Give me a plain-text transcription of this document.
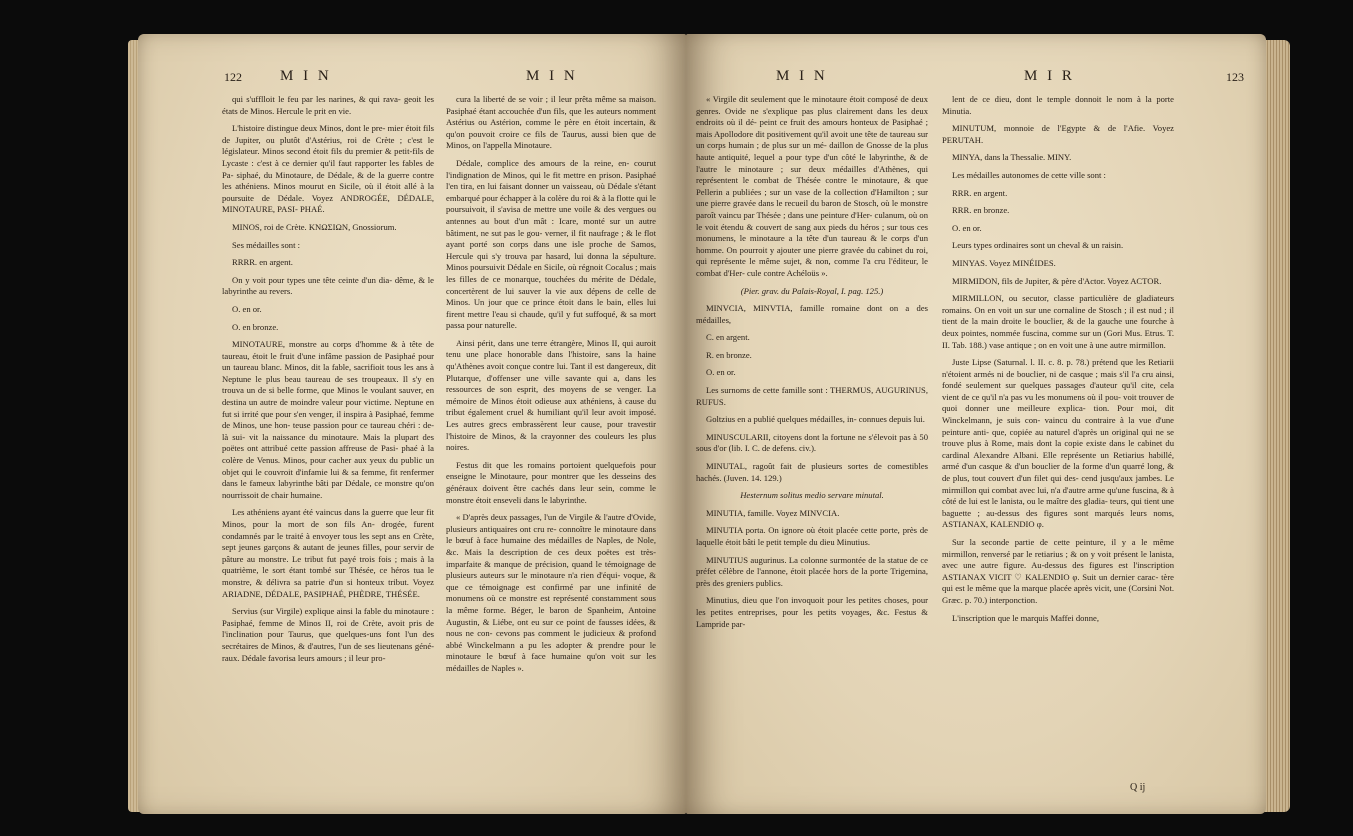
122	M I N	M I N

qui s'ufflloit le feu par les narines, & qui rava- geoit les états de Minos. Hercule le prit en vie.

L'histoire distingue deux Minos, dont le pre- mier étoit fils de Jupiter, ou plutôt d'Astérius, roi de Crète ; c'est le législateur. Minos second étoit fils du premier & petit-fils de Lycaste : c'est à ce dernier qu'il faut rapporter les fables de Pa- siphaé, du Minotaure, de Dédale, & de la guerre contre les athéniens. Minos mourut en Sicile, où il étoit allé à la poursuite de Dédale. Voyez ANDROGÉE, DÉDALE, MINOTAURE, PASI- PHAÉ.

MINOS, roi de Crète. ΚΝΩΣΙΩΝ, Gnossiorum.

Ses médailles sont :

RRRR. en argent.

On y voit pour types une tête ceinte d'un dia- dême, & le labyrinthe au revers.

O. en or.

O. en bronze.

MINOTAURE, monstre au corps d'homme & à tête de taureau, étoit le fruit d'une infâme passion de Pasiphaé pour un taureau blanc. Minos, dit la fable, sacrifioit tous les ans à Neptune le plus beau taureau de ses troupeaux. Il s'y en trouva un de si belle forme, que Minos le voulant sauver, en destina un autre de moindre valeur pour victime. Neptune en fut si irrité que pour s'en venger, il inspira à Pasiphaé, femme de Minos, une hon- teuse passion pour ce taureau chéri : de-là sui- vit la naissance du minotaure. Mais la plupart des poëtes ont attribué cette passion affreuse de Pasi- phaé à la colère de Venus. Minos, pour cacher aux yeux du public un objet qui le couvroit d'infamie lui & sa femme, fit renfermer dans le fameux labyrinthe bâti par Dédale, ce monstre qu'on nourrissoit de chair humaine.

Les athéniens ayant été vaincus dans la guerre que leur fit Minos, pour la mort de son fils An- drogée, furent condamnés par le traité à envoyer tous les sept ans en Crète, sept jeunes garçons & autant de jeunes filles, pour servir de pâture au monstre. Le tribut fut payé trois fois ; mais à la quatrième, le sort étant tombé sur Thésée, ce héros tua le monstre, & délivra sa patrie d'un si honteux tribut. Voyez ARIADNE, DÉDALE, PASIPHAÉ, PHÈDRE, THÉSÉE.

Servius (sur Virgile) explique ainsi la fable du minotaure : Pasiphaé, femme de Minos II, roi de Crète, avoit pris de l'inclination pour Taurus, que quelques-uns font l'un des secrétaires de Minos, & d'autres, l'un de ses lieutenans géné- raux. Dédale favorisa leurs amours ; il leur pro-

cura la liberté de se voir ; il leur prêta même sa maison. Pasiphaé étant accouchée d'un fils, que les auteurs nomment Astérius ou Astérion, comme le père en étoit incertain, & qu'on pouvoit croire ce fils de Taurus, aussi bien que de Minos, on l'appella Minotaure.

Dédale, complice des amours de la reine, en- courut l'indignation de Minos, qui le fit mettre en prison. Pasiphaé l'en tira, en lui faisant donner un vaisseau, où Dédale s'étant embarqué pour échapper à la colère du roi & à la flotte qui le poursuivoit, il s'avisa de mettre une voile & des vergues ou antennes au bout d'un mât : Icare, monté sur un autre bâtiment, ne sut pas le gou- verner, il fit naufrage ; & le flot ayant porté son corps dans une isle proche de Samos, Hercule qui s'y trouva par hasard, lui donna la sépulture. Minos poursuivit Dédale en Sicile, où régnoit Cocalus ; mais les filles de ce monarque, touchées du mérite de Dédale, concertèrent de lui sauver la vie aux dépens de celle de Minos. Un jour que ce prince étoit dans le bain, elles lui firent mettre l'eau si chaude, qu'il y fut suffoqué, & sa mort passa pour naturelle.

Ainsi périt, dans une terre étrangère, Minos II, qui auroit tenu une place honorable dans l'histoire, sans la haine qu'Athènes avoit conçue contre lui. Tant il est dangereux, dit Plutarque, d'offenser une ville savante qui a, dans les ressources de son esprit, des moyens de se venger. La mémoire de Minos étoit odieuse aux athéniens, à cause du tribut également cruel & humiliant qu'il leur avoit imposé. Les autres grecs embrassèrent leur cause, pour travestir l'histoire de Minos, & la crayonner des couleurs les plus noires.

Festus dit que les romains portoient quelquefois pour enseigne le Minotaure, pour montrer que les desseins des généraux doivent être cachés dans leur sein, comme le monstre étoit enseveli dans le labyrinthe.

« D'après deux passages, l'un de Virgile & l'autre d'Ovide, plusieurs antiquaires ont cru re- connoître le minotaure dans le bœuf à face humaine des médailles de Naples, de Nole, &c. Mais la description de ces deux poëtes est très-imparfaite & manque de précision, quand le témoignage de plusieurs auteurs sur le minotaure n'a rien d'équi- voque, & que ce témoignage est confirmé par une infinité de monumens où ce monstre est représenté constamment sous la même forme. Béger, le baron de Spanheim, Antoine Augustin, & Liébe, ont eu sur ce point de fausses idées, & nous ne con- cevons pas comment le judicieux & profond abbé Winckelmann a pu les adopter & prendre pour le minotaure le bœuf à face humaine qu'on voit sur les médailles de Naples ».

M I N	M I R	123

« Virgile dit seulement que le minotaure étoit composé de deux genres. Ovide ne s'explique pas plus clairement dans les deux endroits où il dé- peint ce fruit des amours honteux de Pasiphaé ; mais Apollodore dit positivement qu'il avoit une tête de taureau sur un corps humain ; de plus sur un mé- daillon de Gnosse de la plus haute antiquité, lequel a pour type d'un côté le labyrinthe, & de l'autre le minotaure ; sur deux médailles d'Athènes, qui représentent le combat de Thésée contre le minotaure, & que Pellerin a publiées ; sur un vase de la collection d'Hamilton ; sur une pierre gravée dans le recueil du baron de Stosch, où le monstre paroît vaincu par Thésée ; dans une peinture d'Her- culanum, où on le voit étendu & couvert de sang aux pieds du héros ; sur tous ces monumens, le minotaure a la tête d'un taureau & le corps d'un homme. On pourroit y ajouter une pierre gravée du cabinet du roi, qui représente le même sujet, & non, comme l'a cru l'éditeur, le combat d'Her- cule contre Achéloüs ».

(Pier. grav. du Palais-Royal, I. pag. 125.)

MINVCIA, MINVTIA, famille romaine dont on a des médailles,

C. en argent.

R. en bronze.

O. en or.

Les surnoms de cette famille sont : THERMUS, AUGURINUS, RUFUS.

Goltzius en a publié quelques médailles, in- connues depuis lui.

MINUSCULARII, citoyens dont la fortune ne s'élevoit pas à 50 sous d'or (lib. I. C. de defens. civ.).

MINUTAL, ragoût fait de plusieurs sortes de comestibles hachés. (Juven. 14. 129.)

Hesternum solitus medio servare minutal.

MINUTIA, famille. Voyez MINVCIA.

MINUTIA porta. On ignore où étoit placée cette porte, près de laquelle étoit bâti le petit temple du dieu Minutius.

MINUTIUS augurinus. La colonne surmontée de la statue de ce préfet célèbre de l'annone, étoit placée hors de la porte Trigemina, près des greniers publics.

Minutius, dieu que l'on invoquoit pour les petites choses, pour les petites entreprises, pour les petits voyages, &c. Festus & Lampride par-

lent de ce dieu, dont le temple donnoit le nom à la porte Minutia.

MINUTUM, monnoie de l'Egypte & de l'Afie. Voyez PERUTAH.

MINYA, dans la Thessalie. MINY.

Les médailles autonomes de cette ville sont :

RRR. en argent.

RRR. en bronze.

O. en or.

Leurs types ordinaires sont un cheval & un raisin.

MINYAS. Voyez MINÉIDES.

MIRMIDON, fils de Jupiter, & père d'Actor. Voyez ACTOR.

MIRMILLON, ou secutor, classe particulière de gladiateurs romains. On en voit un sur une cornaline de Stosch ; il est nud ; il tient de la main droite le bouclier, & de la gauche une fourche à deux pointes, nommée fuscina, comme sur un (Gori Mus. Etrus. T. II. Tab. 188.) vase antique ; on en voit une à une autre mirmillon.

Juste Lipse (Saturnal. l. II. c. 8. p. 78.) prétend que les Retiarii n'étoient armés ni de bouclier, ni de casque ; mais s'il l'a cru ainsi, fondé seulement sur quelques passages d'auteur qu'il cite, cela vient de ce qu'il n'a pas vu les monumens où il pou- voit trouver de quoi donner une meilleure explica- tion. Pour moi, dit Winckelmann, je suis con- vaincu du contraire à la vue d'une peinture anti- que, copiée au naturel d'après un original qui ne se trouve plus à Rome, mais dont la copie existe dans le cabinet du cardinal Alexandre Albani. Elle représente un Retiarius habillé, armé d'un casque & d'un bouclier de la forme d'un quarré long, & de plus, tout couvert d'un filet qui des- cend jusqu'aux jambes. Le mirmillon qui combat avec lui, n'a d'autre arme qu'une fuscina, & à côté de lui est le lanista, ou le maître des gladia- teurs, qui tient une baguette ; au-dessus des figures sont marqués leurs noms, ASTIANAX, KALENDIO φ.

Sur la seconde partie de cette peinture, il y a le même mirmillon, renversé par le retiarius ; & on y voit présent le lanista, avec une autre figure. Au-dessus des figures est l'inscription ASTIANAX VICIT ♡ KALENDIO φ. Suit un dernier carac- tère qui est le même que la marque placée après vicit, une (Corsini Not. Græc. p. 70.) interponction.

L'inscription que le marquis Maffei donne,

Q ij
